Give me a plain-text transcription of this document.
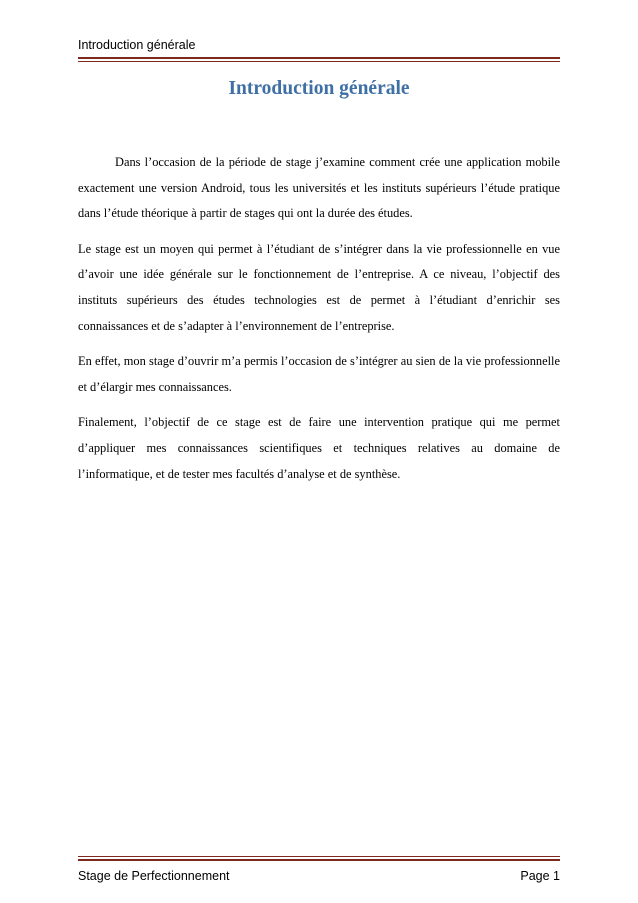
Introduction générale
Introduction générale

Dans l’occasion de la période de stage j’examine comment crée une application mobile exactement une version Android, tous les universités et les instituts supérieurs l’étude pratique dans l’étude théorique à partir de stages qui ont la durée des études.

Le stage est un moyen qui permet à l’étudiant de s’intégrer dans la vie professionnelle en vue d’avoir une idée générale sur le fonctionnement de l’entreprise. A ce niveau, l’objectif des instituts supérieurs des études technologies est de permet à l’étudiant d’enrichir ses connaissances et de s’adapter à l’environnement de l’entreprise.

En effet, mon stage d’ouvrir m’a permis l’occasion de s’intégrer au sien de la vie professionnelle et d’élargir mes connaissances.

Finalement, l’objectif de ce stage est de faire une intervention pratique qui me permet d’appliquer mes connaissances scientifiques et techniques relatives au domaine de l’informatique, et de tester mes facultés d’analyse et de synthèse.

Stage de Perfectionnement	Page 1
